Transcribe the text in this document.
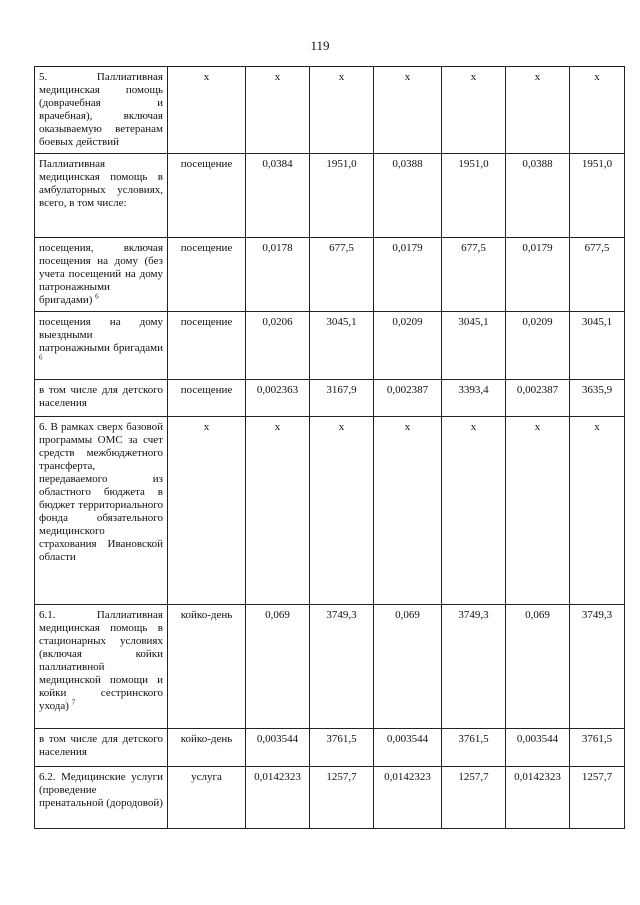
119
5. Паллиативная медицинская помощь (доврачебная и врачебная), включая оказываемую ветеранам боевых действий	х	х	х	х	х	х	х
Паллиативная медицинская помощь в амбулаторных условиях, всего, в том числе:	посещение	0,0384	1951,0	0,0388	1951,0	0,0388	1951,0
посещения, включая посещения на дому (без учета посещений на дому патронажными бригадами) $^6$	посещение	0,0178	677,5	0,0179	677,5	0,0179	677,5
посещения на дому выездными патронажными бригадами $^6$	посещение	0,0206	3045,1	0,0209	3045,1	0,0209	3045,1
в том числе для детского населения	посещение	0,002363	3167,9	0,002387	3393,4	0,002387	3635,9
6. В рамках сверх базовой программы ОМС за счет средств межбюджетного трансферта, передаваемого из областного бюджета в бюджет территориального фонда обязательного медицинского страхования Ивановской области	х	х	х	х	х	х	х
6.1. Паллиативная медицинская помощь в стационарных условиях (включая койки паллиативной медицинской помощи и койки сестринского ухода) $^7$	койко-день	0,069	3749,3	0,069	3749,3	0,069	3749,3
в том числе для детского населения	койко-день	0,003544	3761,5	0,003544	3761,5	0,003544	3761,5
6.2. Медицинские услуги (проведение пренатальной (дородовой)	услуга	0,0142323	1257,7	0,0142323	1257,7	0,0142323	1257,7
